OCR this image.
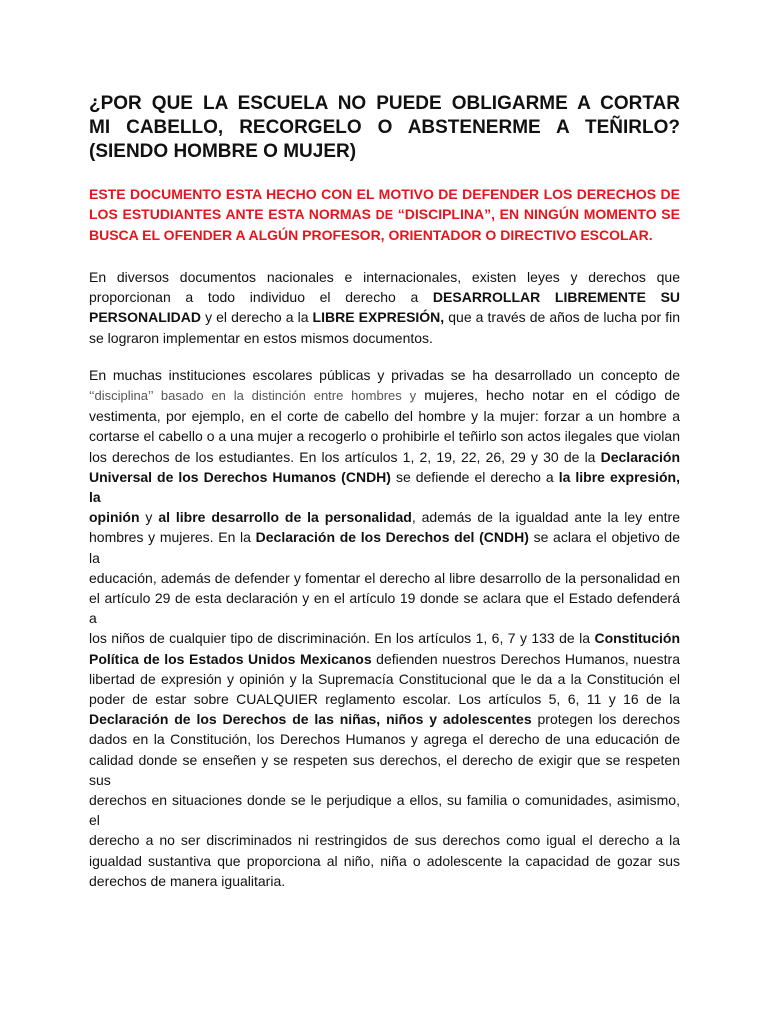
¿POR QUE LA ESCUELA NO PUEDE OBLIGARME A CORTAR
MI CABELLO, RECORGELO O ABSTENERME A TEÑIRLO?
(SIENDO HOMBRE O MUJER)
ESTE DOCUMENTO ESTA HECHO CON EL MOTIVO DE DEFENDER LOS DERECHOS DE
LOS ESTUDIANTES ANTE ESTA NORMAS DE “DISCIPLINA”, EN NINGÚN MOMENTO SE
BUSCA EL OFENDER A ALGÚN PROFESOR, ORIENTADOR O DIRECTIVO ESCOLAR.
En diversos documentos nacionales e internacionales, existen leyes y derechos que
proporcionan a todo individuo el derecho a DESARROLLAR LIBREMENTE SU
PERSONALIDAD y el derecho a la LIBRE EXPRESIÓN, que a través de años de lucha por fin
se lograron implementar en estos mismos documentos.
En muchas instituciones escolares públicas y privadas se ha desarrollado un concepto de
‘‘disciplina’’ basado en la distinción entre hombres y mujeres, hecho notar en el código de
vestimenta, por ejemplo, en el corte de cabello del hombre y la mujer: forzar a un hombre a
cortarse el cabello o a una mujer a recogerlo o prohibirle el teñirlo son actos ilegales que violan
los derechos de los estudiantes. En los artículos 1, 2, 19, 22, 26, 29 y 30 de la Declaración
Universal de los Derechos Humanos (CNDH) se defiende el derecho a la libre expresión, la
opinión y al libre desarrollo de la personalidad, además de la igualdad ante la ley entre
hombres y mujeres. En la Declaración de los Derechos del (CNDH) se aclara el objetivo de la
educación, además de defender y fomentar el derecho al libre desarrollo de la personalidad en
el artículo 29 de esta declaración y en el artículo 19 donde se aclara que el Estado defenderá a
los niños de cualquier tipo de discriminación. En los artículos 1, 6, 7 y 133 de la Constitución
Política de los Estados Unidos Mexicanos defienden nuestros Derechos Humanos, nuestra
libertad de expresión y opinión y la Supremacía Constitucional que le da a la Constitución el
poder de estar sobre CUALQUIER reglamento escolar. Los artículos 5, 6, 11 y 16 de la
Declaración de los Derechos de las niñas, niños y adolescentes protegen los derechos
dados en la Constitución, los Derechos Humanos y agrega el derecho de una educación de
calidad donde se enseñen y se respeten sus derechos, el derecho de exigir que se respeten sus
derechos en situaciones donde se le perjudique a ellos, su familia o comunidades, asimismo, el
derecho a no ser discriminados ni restringidos de sus derechos como igual el derecho a la
igualdad sustantiva que proporciona al niño, niña o adolescente la capacidad de gozar sus
derechos de manera igualitaria.
